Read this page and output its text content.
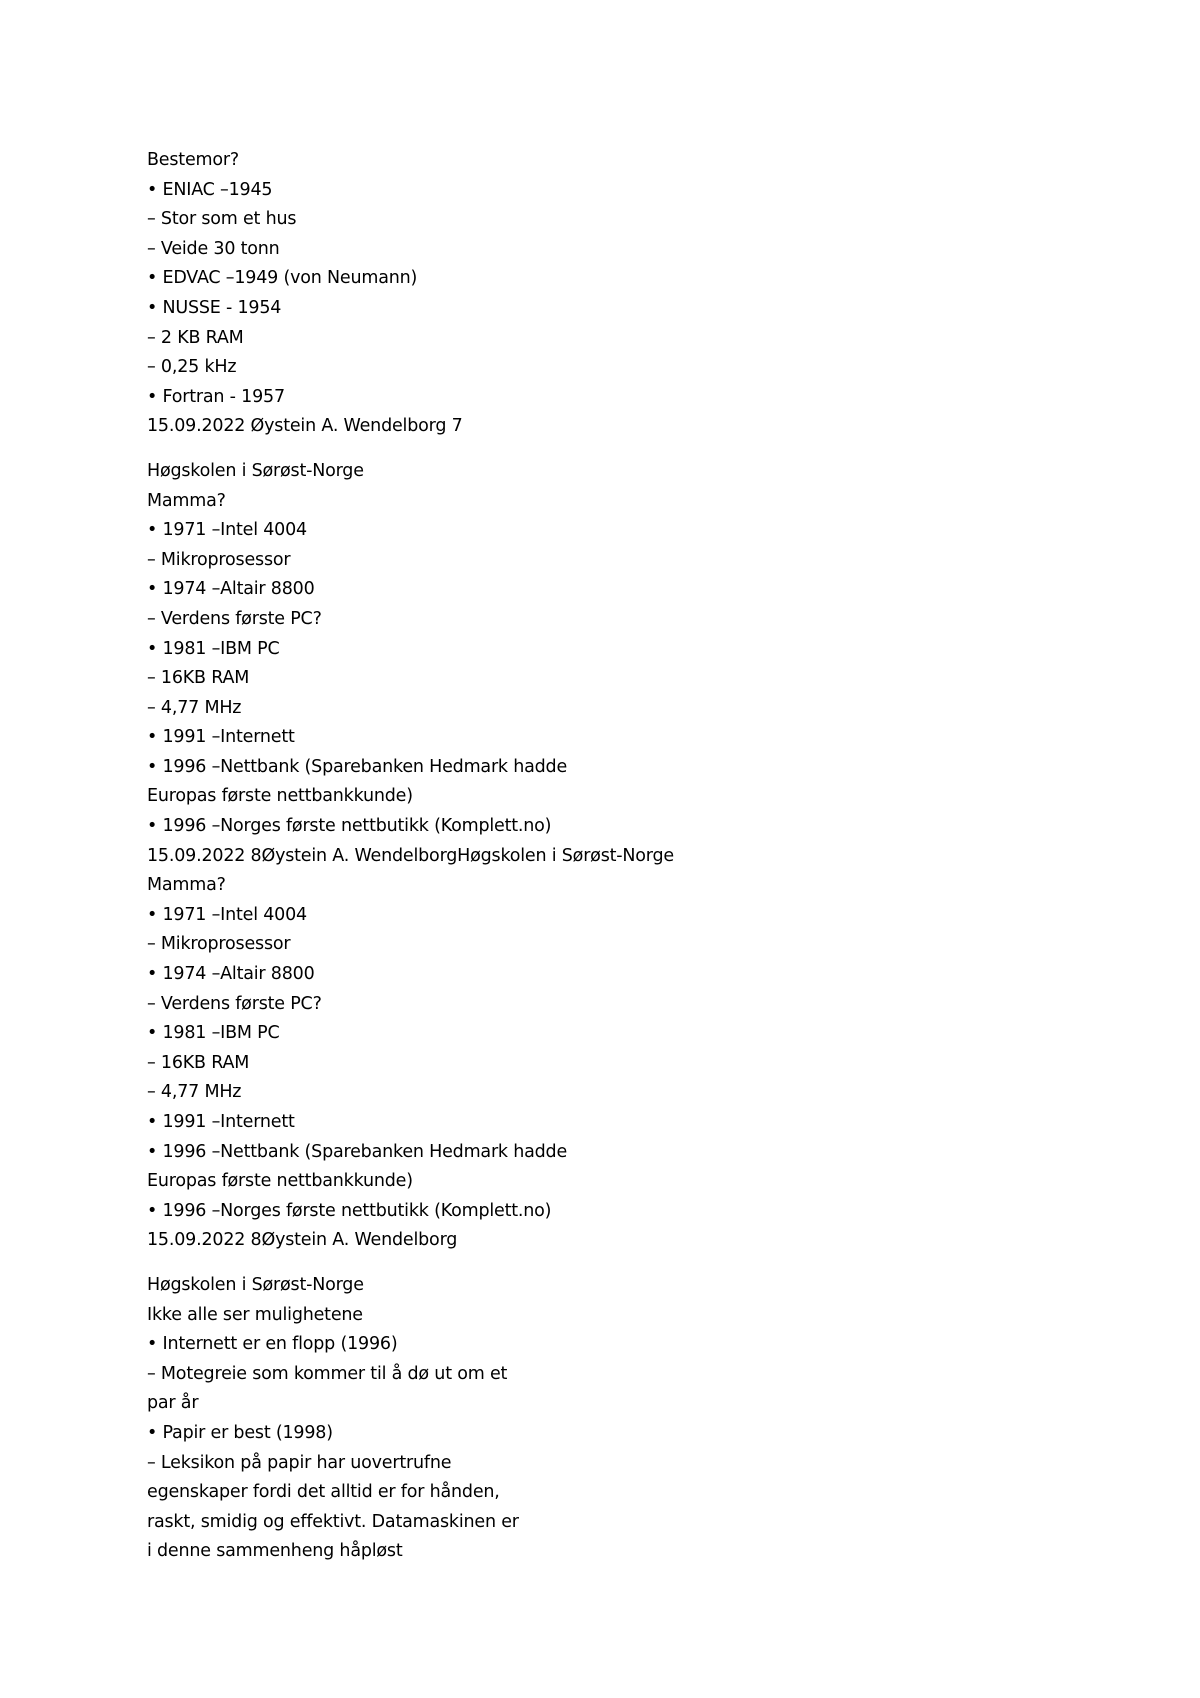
Bestemor?
• ENIAC –1945
– Stor som et hus
– Veide 30 tonn
• EDVAC –1949 (von Neumann)
• NUSSE - 1954
– 2 KB RAM
– 0,25 kHz
• Fortran - 1957
15.09.2022 Øystein A. Wendelborg 7
Høgskolen i Sørøst-Norge
Mamma?
• 1971 –Intel 4004
– Mikroprosessor
• 1974 –Altair 8800
– Verdens første PC?
• 1981 –IBM PC
– 16KB RAM
– 4,77 MHz
• 1991 –Internett
• 1996 –Nettbank (Sparebanken Hedmark hadde
Europas første nettbankkunde)
• 1996 –Norges første nettbutikk (Komplett.no)
15.09.2022 8Øystein A. WendelborgHøgskolen i Sørøst-Norge
Mamma?
• 1971 –Intel 4004
– Mikroprosessor
• 1974 –Altair 8800
– Verdens første PC?
• 1981 –IBM PC
– 16KB RAM
– 4,77 MHz
• 1991 –Internett
• 1996 –Nettbank (Sparebanken Hedmark hadde
Europas første nettbankkunde)
• 1996 –Norges første nettbutikk (Komplett.no)
15.09.2022 8Øystein A. Wendelborg
Høgskolen i Sørøst-Norge
Ikke alle ser mulighetene
• Internett er en flopp (1996)
– Motegreie som kommer til å dø ut om et
par år
• Papir er best (1998)
– Leksikon på papir har uovertrufne
egenskaper fordi det alltid er for hånden,
raskt, smidig og effektivt. Datamaskinen er
i denne sammenheng håpløst
